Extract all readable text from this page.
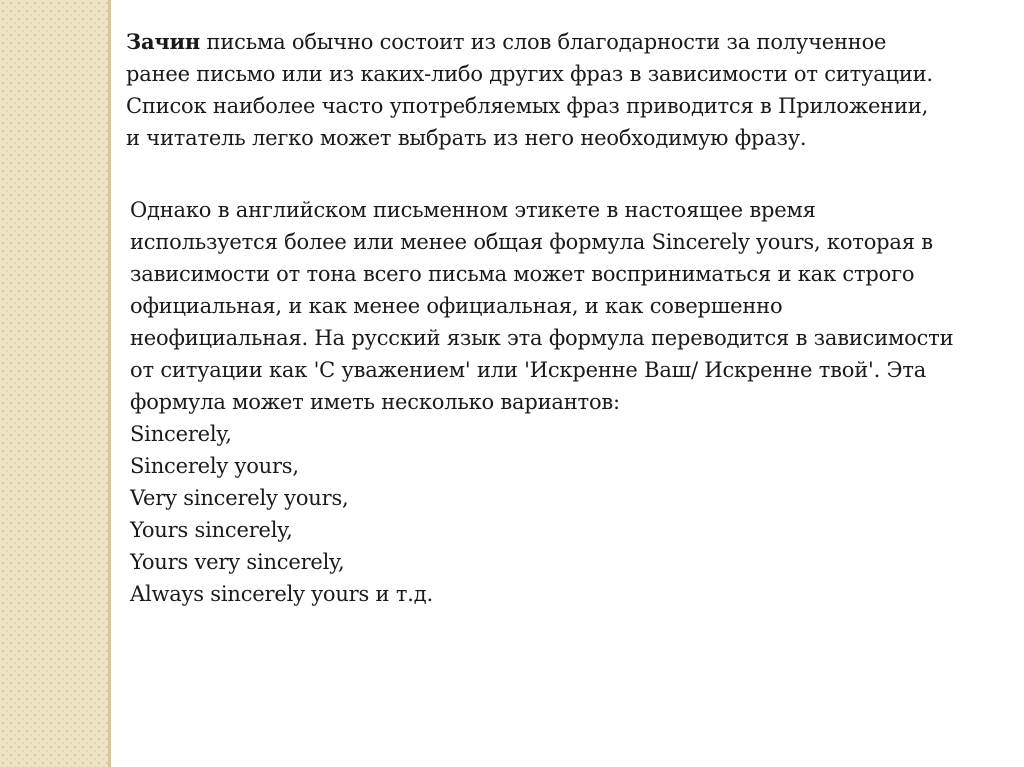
Зачин письма обычно состоит из слов благодарности за полученное ранее письмо или из каких-либо других фраз в зависимости от ситуации. Список наиболее часто употребляемых фраз приводится в Приложении, и читатель легко может выбрать из него необходимую фразу.
Однако в английском письменном этикете в настоящее время используется более или менее общая формула Sincerely yours, которая в зависимости от тона всего письма может восприниматься и как строго официальная, и как менее официальная, и как совершенно неофициальная. На русский язык эта формула переводится в зависимости от ситуации как 'С уважением' или 'Искренне Ваш/ Искренне твой'. Эта формула может иметь несколько вариантов:
Sincerely,
Sincerely yours,
Very sincerely yours,
Yours sincerely,
Yours very sincerely,
Always sincerely yours и т.д.
